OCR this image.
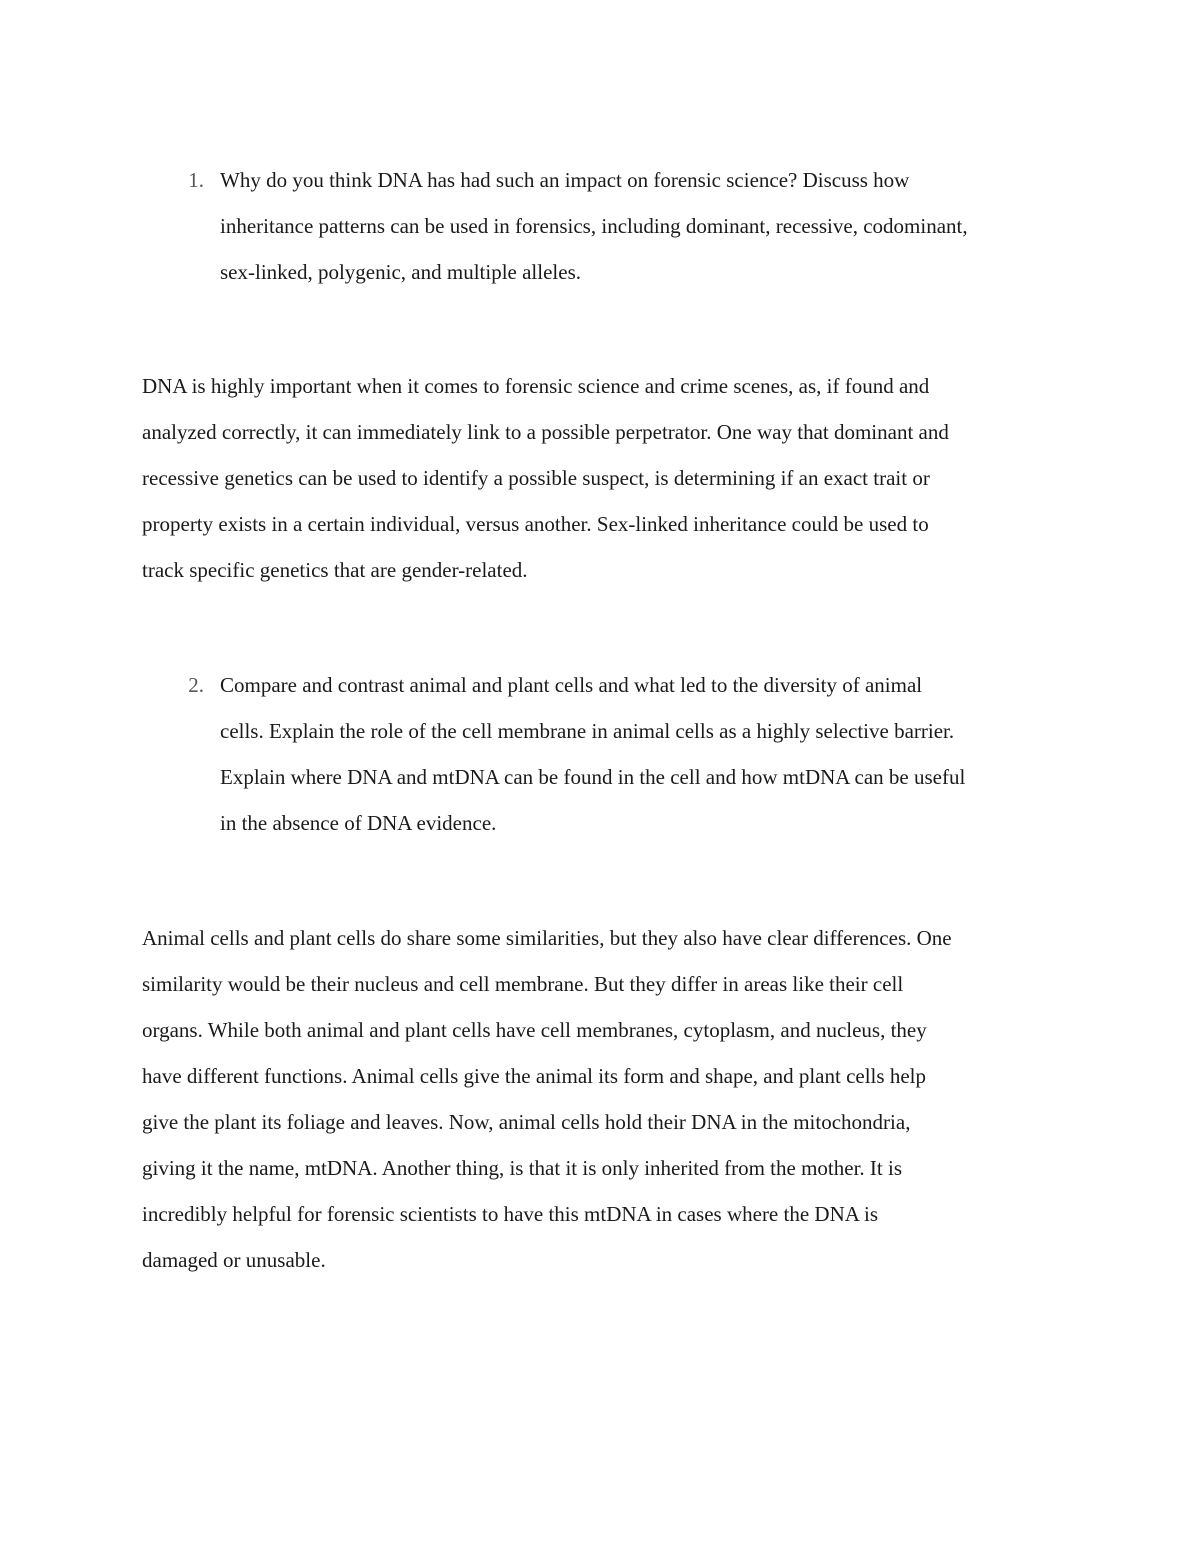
1. Why do you think DNA has had such an impact on forensic science? Discuss how
inheritance patterns can be used in forensics, including dominant, recessive, codominant,
sex-linked, polygenic, and multiple alleles.
DNA is highly important when it comes to forensic science and crime scenes, as, if found and
analyzed correctly, it can immediately link to a possible perpetrator. One way that dominant and
recessive genetics can be used to identify a possible suspect, is determining if an exact trait or
property exists in a certain individual, versus another. Sex-linked inheritance could be used to
track specific genetics that are gender-related.
2. Compare and contrast animal and plant cells and what led to the diversity of animal
cells. Explain the role of the cell membrane in animal cells as a highly selective barrier.
Explain where DNA and mtDNA can be found in the cell and how mtDNA can be useful
in the absence of DNA evidence.
Animal cells and plant cells do share some similarities, but they also have clear differences. One
similarity would be their nucleus and cell membrane. But they differ in areas like their cell
organs. While both animal and plant cells have cell membranes, cytoplasm, and nucleus, they
have different functions. Animal cells give the animal its form and shape, and plant cells help
give the plant its foliage and leaves. Now, animal cells hold their DNA in the mitochondria,
giving it the name, mtDNA. Another thing, is that it is only inherited from the mother. It is
incredibly helpful for forensic scientists to have this mtDNA in cases where the DNA is
damaged or unusable.
